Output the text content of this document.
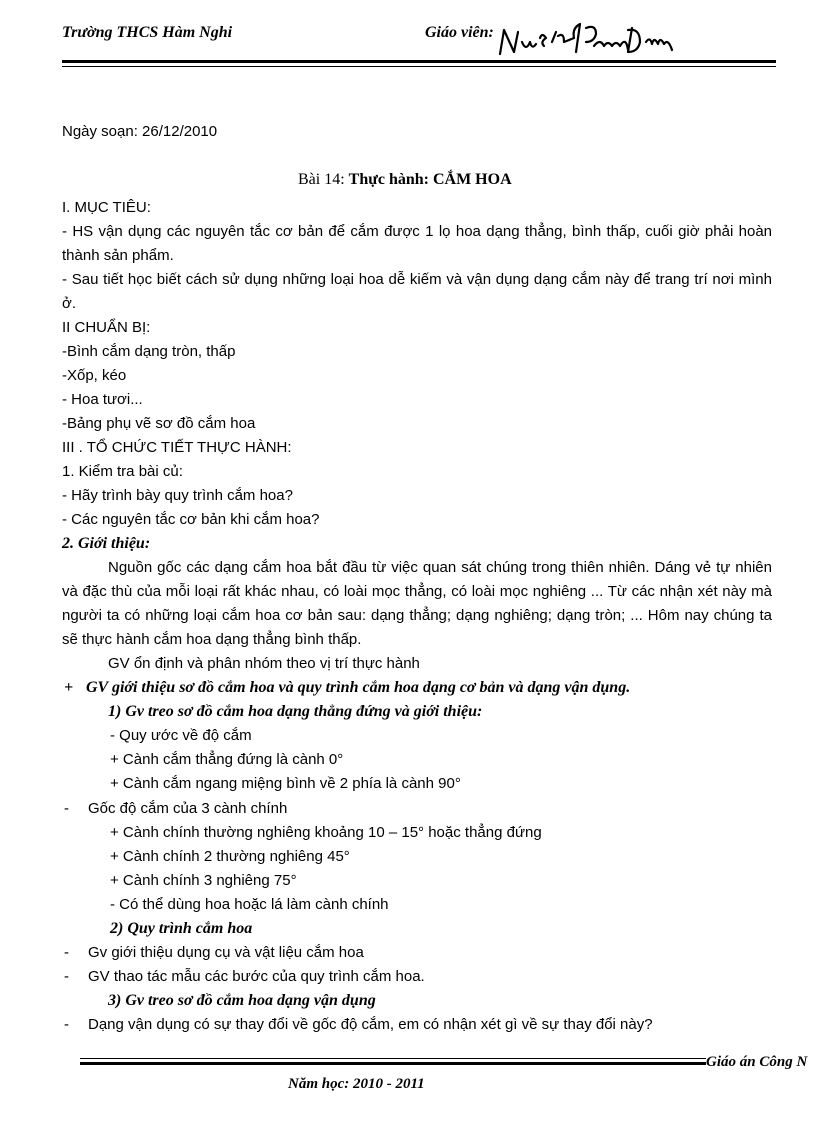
Trường THCS Hàm Nghi	Giáo viên:
Ngày soạn: 26/12/2010
Bài 14: Thực hành: CẮM HOA
I. MỤC TIÊU:
- HS vận dụng các nguyên tắc cơ bản để cắm được 1 lọ hoa dạng thẳng, bình thấp, cuối giờ phải hoàn thành sản phẩm.
- Sau tiết học biết cách sử dụng những loại hoa dễ kiếm và vận dụng dạng cắm này để trang trí nơi mình ở.
II CHUẨN BỊ:
-Bình cắm dạng tròn, thấp
-Xốp, kéo
- Hoa tươi...
-Bảng phụ vẽ sơ đồ cắm hoa
III . TỔ CHỨC TIẾT THỰC HÀNH:
1. Kiểm tra bài củ:
- Hãy trình bày quy trình cắm hoa?
- Các nguyên tắc cơ bản khi cắm hoa?
2. Giới thiệu:
Nguồn gốc các dạng cắm hoa bắt đầu từ việc quan sát chúng trong thiên nhiên. Dáng vẻ tự nhiên và đặc thù của mỗi loại rất khác nhau, có loài mọc thẳng, có loài mọc nghiêng ... Từ các nhận xét này mà người ta có những loại cắm hoa cơ bản sau: dạng thẳng; dạng nghiêng; dạng tròn; ... Hôm nay chúng ta sẽ thực hành cắm hoa dạng thẳng bình thấp.
GV ổn định và phân nhóm theo vị trí thực hành
+ GV giới thiệu sơ đồ cắm hoa và quy trình cắm hoa dạng cơ bản và dạng vận dụng.
1) Gv treo sơ đồ cắm hoa dạng thẳng đứng và giới thiệu:
- Quy ước về độ cắm
+ Cành cắm thẳng đứng là cành 0°
+ Cành cắm ngang miệng bình về 2 phía là cành 90°
- Gốc độ cắm của 3 cành chính
+ Cành chính thường nghiêng khoảng 10 – 15° hoặc thẳng đứng
+ Cành chính 2 thường nghiêng 45°
+ Cành chính 3 nghiêng 75°
- Có thể dùng hoa hoặc lá làm cành chính
2) Quy trình cắm hoa
- Gv giới thiệu dụng cụ và vật liệu cắm hoa
- GV thao tác mẫu các bước của quy trình cắm hoa.
3) Gv treo sơ đồ cắm hoa dạng vận dụng
- Dạng vận dụng có sự thay đổi về gốc độ cắm, em có nhận xét gì về sự thay đổi này?
Giáo án Công N
Năm học: 2010 - 2011
